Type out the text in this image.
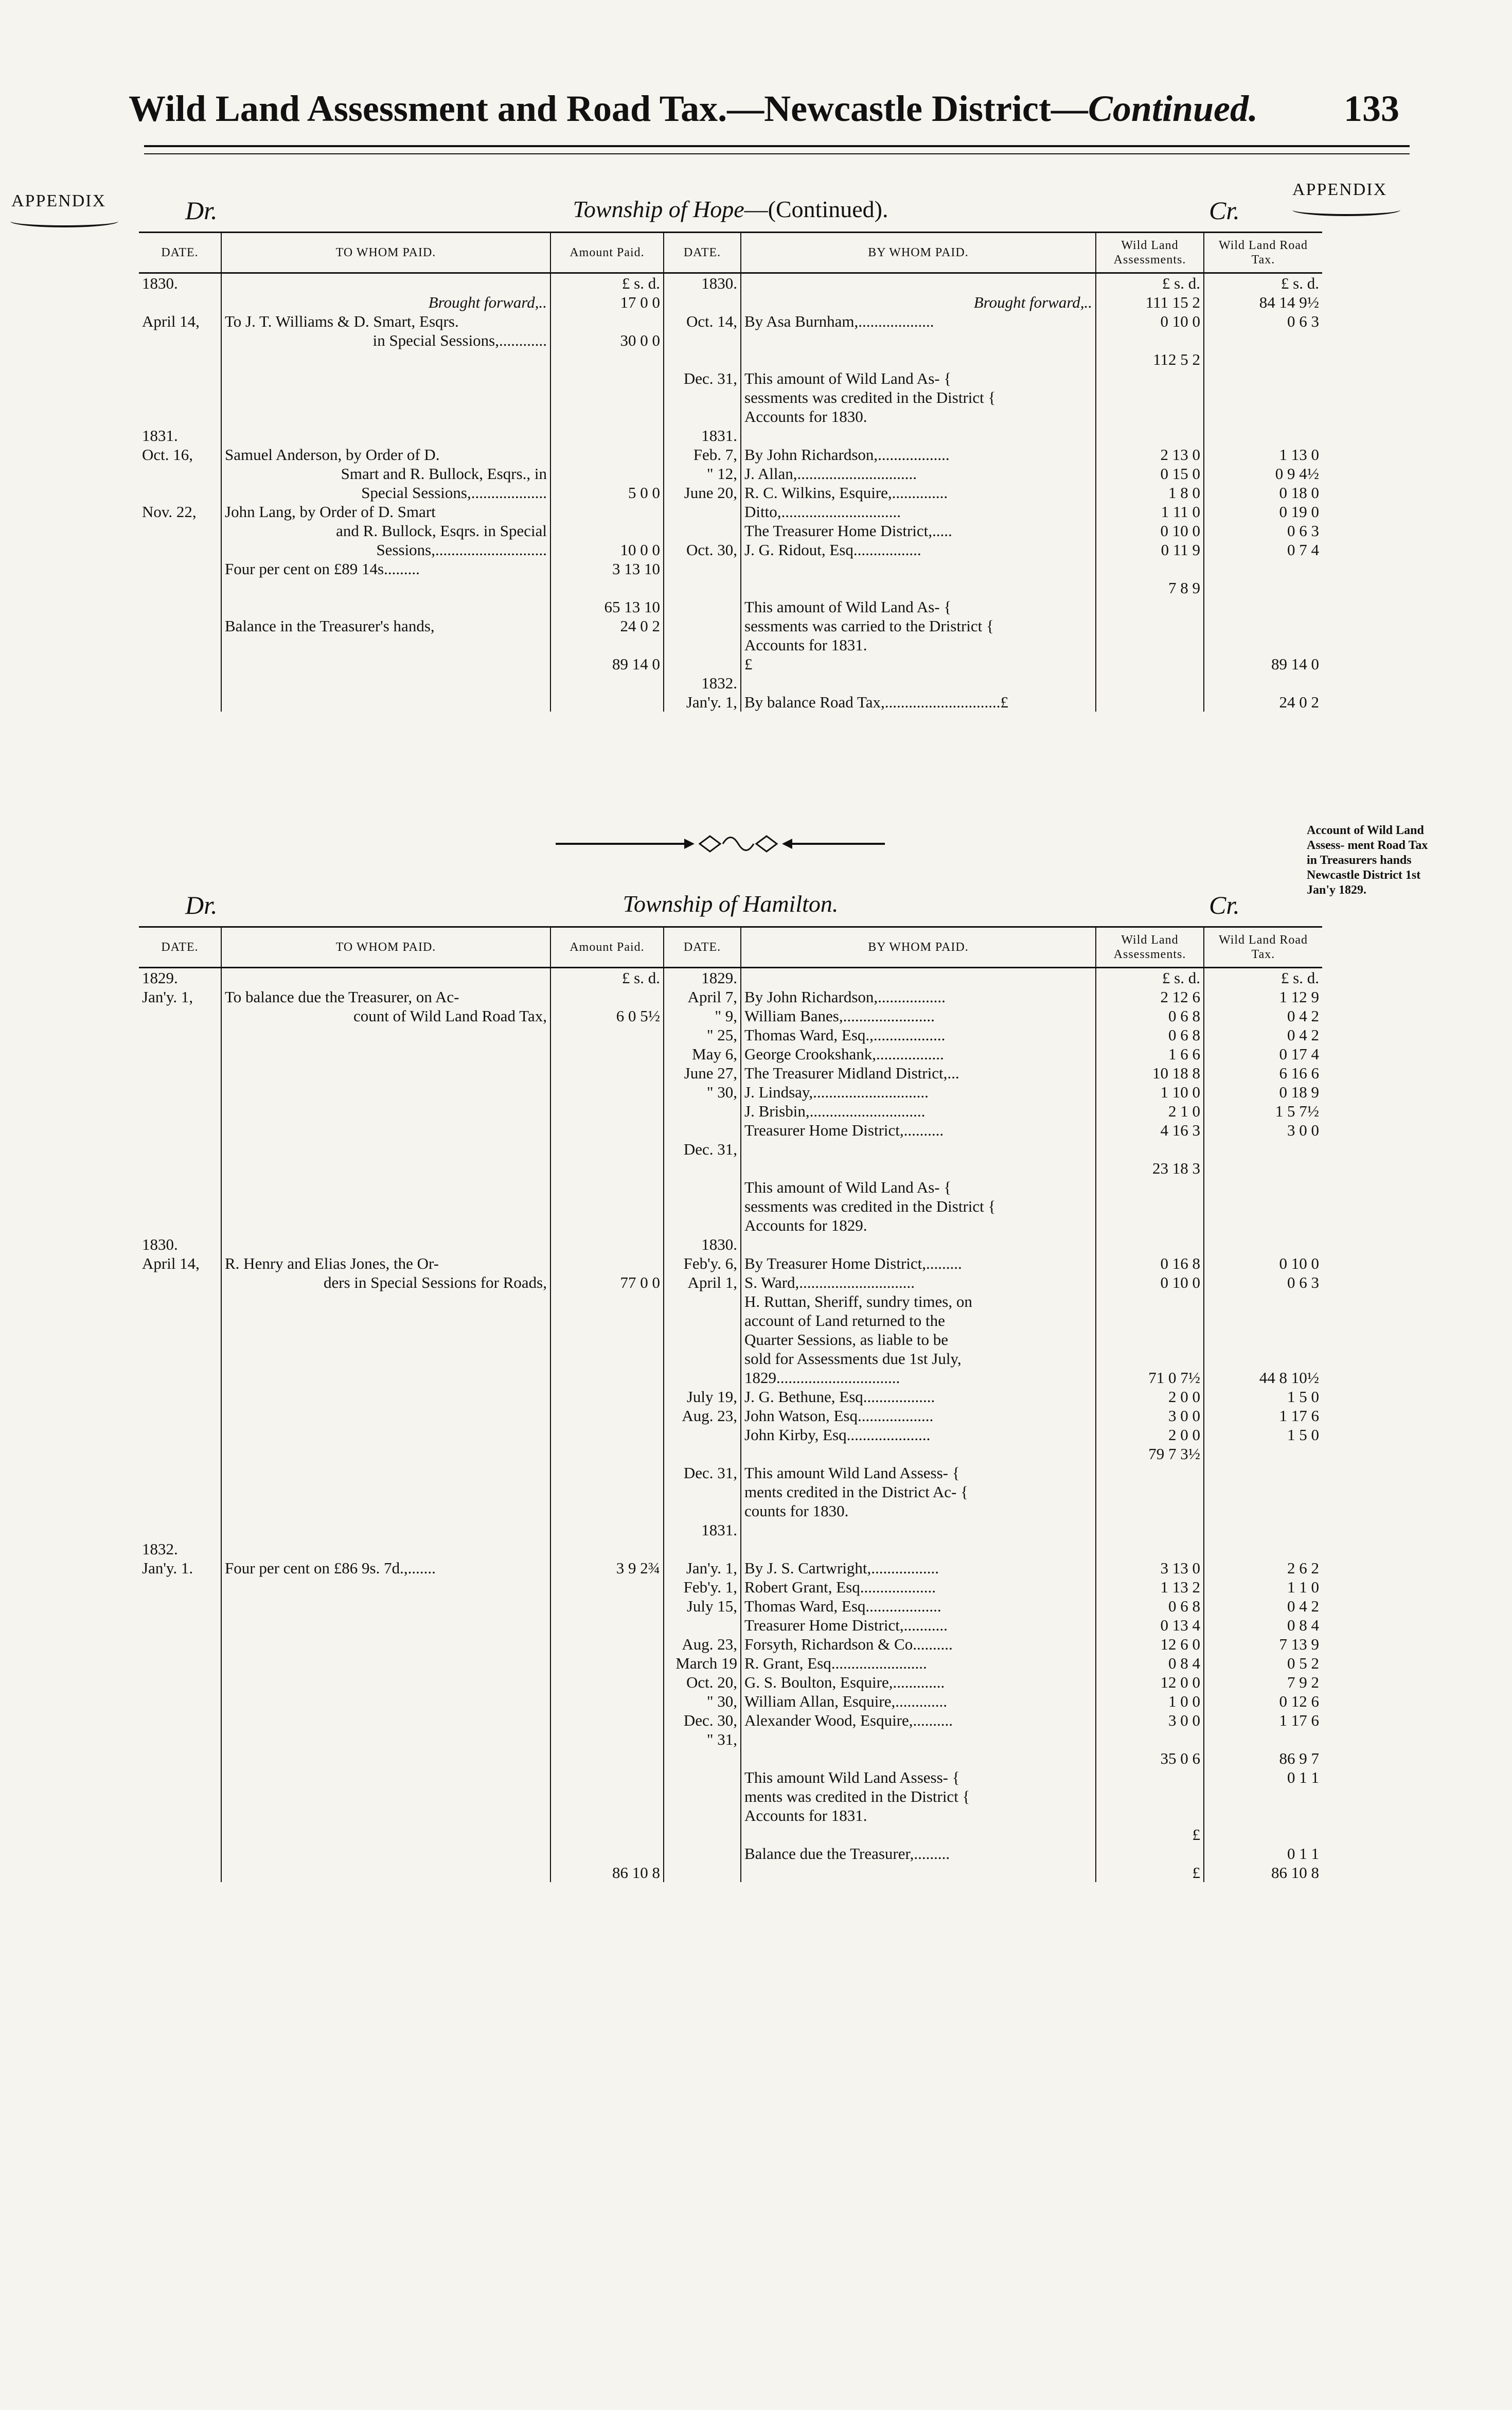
Wild Land Assessment and Road Tax.—Newcastle District—Continued. 133
APPENDIX
APPENDIX
Account of Wild Land Assess- ment Road Tax in Treasurers hands Newcastle District 1st Jan'y 1829.
Dr.	Township of Hope—(Continued).	Cr.
DATE.	TO WHOM PAID.	Amount Paid.	DATE.	BY WHOM PAID.	Wild Land Assessments.	Wild Land Road Tax.
1830.		£ s. d.	1830.		£ s. d.	£ s. d.
	Brought forward,..	17 0 0		Brought forward,..	111 15 2	84 14 9½
April 14,	To J. T. Williams & D. Smart, Esqrs.		Oct. 14,	By Asa Burnham,...................	0 10 0	0 6 3
	in Special Sessions,............	30 0 0				
					112 5 2	
			Dec. 31,	This amount of Wild Land As- {		
				sessments was credited in the District {		
				Accounts for 1830.		
1831.			1831.			
Oct. 16,	Samuel Anderson, by Order of D.		Feb. 7,	By John Richardson,..................	2 13 0	1 13 0
	Smart and R. Bullock, Esqrs., in		" 12,	J. Allan,..............................	0 15 0	0 9 4½
	Special Sessions,...................	5 0 0	June 20,	R. C. Wilkins, Esquire,..............	1 8 0	0 18 0
Nov. 22,	John Lang, by Order of D. Smart			Ditto,..............................	1 11 0	0 19 0
	and R. Bullock, Esqrs. in Special			The Treasurer Home District,.....	0 10 0	0 6 3
	Sessions,............................	10 0 0	Oct. 30,	J. G. Ridout, Esq.................	0 11 9	0 7 4
	Four per cent on £89 14s.........	3 13 10				
					7 8 9	
		65 13 10		This amount of Wild Land As- {		
	Balance in the Treasurer's hands,	24 0 2		sessments was carried to the Dristrict {		
				Accounts for 1831.		
		89 14 0		£		89 14 0
			1832.			
			Jan'y. 1,	By balance Road Tax,.............................£		24 0 2
Dr.	Township of Hamilton.	Cr.
DATE.	TO WHOM PAID.	Amount Paid.	DATE.	BY WHOM PAID.	Wild Land Assessments.	Wild Land Road Tax.
1829.		£ s. d.	1829.		£ s. d.	£ s. d.
Jan'y. 1,	To balance due the Treasurer, on Ac-		April 7,	By John Richardson,.................	2 12 6	1 12 9
	count of Wild Land Road Tax,	6 0 5½	" 9,	William Banes,.......................	0 6 8	0 4 2
			" 25,	Thomas Ward, Esq.,..................	0 6 8	0 4 2
			May 6,	George Crookshank,.................	1 6 6	0 17 4
			June 27,	The Treasurer Midland District,...	10 18 8	6 16 6
			" 30,	J. Lindsay,.............................	1 10 0	0 18 9
				J. Brisbin,.............................	2 1 0	1 5 7½
				Treasurer Home District,..........	4 16 3	3 0 0
			Dec. 31,			
					23 18 3	
				This amount of Wild Land As- {		
				sessments was credited in the District {		
				Accounts for 1829.		
1830.			1830.			
April 14,	R. Henry and Elias Jones, the Or-		Feb'y. 6,	By Treasurer Home District,.........	0 16 8	0 10 0
	ders in Special Sessions for Roads,	77 0 0	April 1,	S. Ward,.............................	0 10 0	0 6 3
				H. Ruttan, Sheriff, sundry times, on		
				account of Land returned to the		
				Quarter Sessions, as liable to be		
				sold for Assessments due 1st July,		
				1829...............................	71 0 7½	44 8 10½
			July 19,	J. G. Bethune, Esq..................	2 0 0	1 5 0
			Aug. 23,	John Watson, Esq...................	3 0 0	1 17 6
				John Kirby, Esq.....................	2 0 0	1 5 0
					79 7 3½	
			Dec. 31,	This amount Wild Land Assess- {		
				ments credited in the District Ac- {		
				counts for 1830.		
			1831.			
1832.						
Jan'y. 1.	Four per cent on £86 9s. 7d.,.......	3 9 2¾	Jan'y. 1,	By J. S. Cartwright,.................	3 13 0	2 6 2
			Feb'y. 1,	Robert Grant, Esq...................	1 13 2	1 1 0
			July 15,	Thomas Ward, Esq...................	0 6 8	0 4 2
				Treasurer Home District,...........	0 13 4	0 8 4
			Aug. 23,	Forsyth, Richardson & Co..........	12 6 0	7 13 9
			March 19	R. Grant, Esq........................	0 8 4	0 5 2
			Oct. 20,	G. S. Boulton, Esquire,.............	12 0 0	7 9 2
			" 30,	William Allan, Esquire,.............	1 0 0	0 12 6
			Dec. 30,	Alexander Wood, Esquire,..........	3 0 0	1 17 6
			" 31,			
					35 0 6	86 9 7
				This amount Wild Land Assess- {		0 1 1
				ments was credited in the District {		
				Accounts for 1831.		
					£	
				Balance due the Treasurer,.........		0 1 1

		86 10 8			£	86 10 8
